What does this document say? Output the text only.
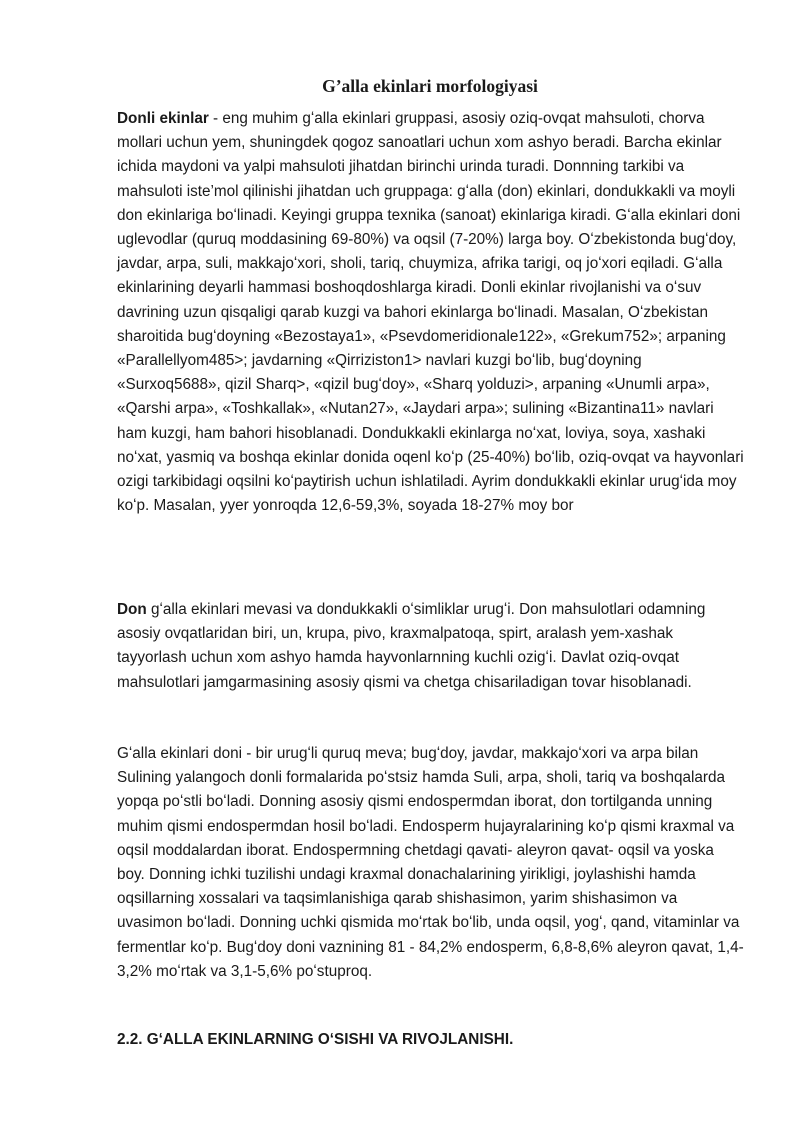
G’alla ekinlari morfologiyasi

Donli ekinlar - eng muhim gʻalla ekinlari gruppasi, asosiy oziq-ovqat mahsuloti, chorva mollari uchun yem, shuningdek qogoz sanoatlari uchun xom ashyo beradi. Barcha ekinlar ichida maydoni va yalpi mahsuloti jihatdan birinchi urinda turadi. Donnning tarkibi va mahsuloti iste’mol qilinishi jihatdan uch gruppaga: gʻalla (don) ekinlari, dondukkakli va moyli don ekinlariga boʻlinadi. Keyingi gruppa texnika (sanoat) ekinlariga kiradi. Gʻalla ekinlari doni uglevodlar (quruq moddasining 69-80%) va oqsil (7-20%) larga boy. Oʻzbekistonda bugʻdoy, javdar, arpa, suli, makkajoʻxori, sholi, tariq, chuymiza, afrika tarigi, oq joʻxori eqiladi. Gʻalla ekinlarining deyarli hammasi boshoqdoshlarga kiradi. Donli ekinlar rivojlanishi va oʻsuv davrining uzun qisqaligi qarab kuzgi va bahori ekinlarga boʻlinadi. Masalan, Oʻzbekistan sharoitida bugʻdoyning «Bezostaya1», «Psevdomeridionale122», «Grekum752»; arpaning «Parallellyom485>; javdarning «Qirriziston1> navlari kuzgi boʻlib, bugʻdoyning «Surxoq5688», qizil Sharq>, «qizil bugʻdoy», «Sharq yolduzi>, arpaning «Unumli arpa», «Qarshi arpa», «Toshkallak», «Nutan27», «Jaydari arpa»; sulining «Bizantina11» navlari ham kuzgi, ham bahori hisoblanadi. Dondukkakli ekinlarga noʻxat, loviya, soya, xashaki noʻxat, yasmiq va boshqa ekinlar donida oqenl koʻp (25-40%) boʻlib, oziq-ovqat va hayvonlari ozigi tarkibidagi oqsilni koʻpaytirish uchun ishlatiladi. Ayrim dondukkakli ekinlar urugʻida moy koʻp. Masalan, yyer yonroqda 12,6-59,3%, soyada 18-27% moy bor

Don gʻalla ekinlari mevasi va dondukkakli oʻsimliklar urugʻi. Don mahsulotlari odamning asosiy ovqatlaridan biri, un, krupa, pivo, kraxmalpatoqa, spirt, aralash yem-xashak tayyorlash uchun xom ashyo hamda hayvonlarnning kuchli ozigʻi. Davlat oziq-ovqat mahsulotlari jamgarmasining asosiy qismi va chetga chisariladigan tovar hisoblanadi.

Gʻalla ekinlari doni - bir urugʻli quruq meva; bugʻdoy, javdar, makkajoʻxori va arpa bilan Sulining yalangoch donli formalarida poʻstsiz hamda Suli, arpa, sholi, tariq va boshqalarda yopqa poʻstli boʻladi. Donning asosiy qismi endospermdan iborat, don tortilganda unning muhim qismi endospermdan hosil boʻladi. Endosperm hujayralarining koʻp qismi kraxmal va oqsil moddalardan iborat. Endospermning chetdagi qavati- aleyron qavat- oqsil va yoska boy. Donning ichki tuzilishi undagi kraxmal donachalarining yirikligi, joylashishi hamda oqsillarning xossalari va taqsimlanishiga qarab shishasimon, yarim shishasimon va uvasimon boʻladi. Donning uchki qismida moʻrtak boʻlib, unda oqsil, yogʻ, qand, vitaminlar va fermentlar koʻp. Bugʻdoy doni vaznining 81 - 84,2% endosperm, 6,8-8,6% aleyron qavat, 1,4-3,2% moʻrtak va 3,1-5,6% poʻstuproq.

2.2. GʻALLA EKINLARNING OʻSISHI VA RIVOJLANISHI.
